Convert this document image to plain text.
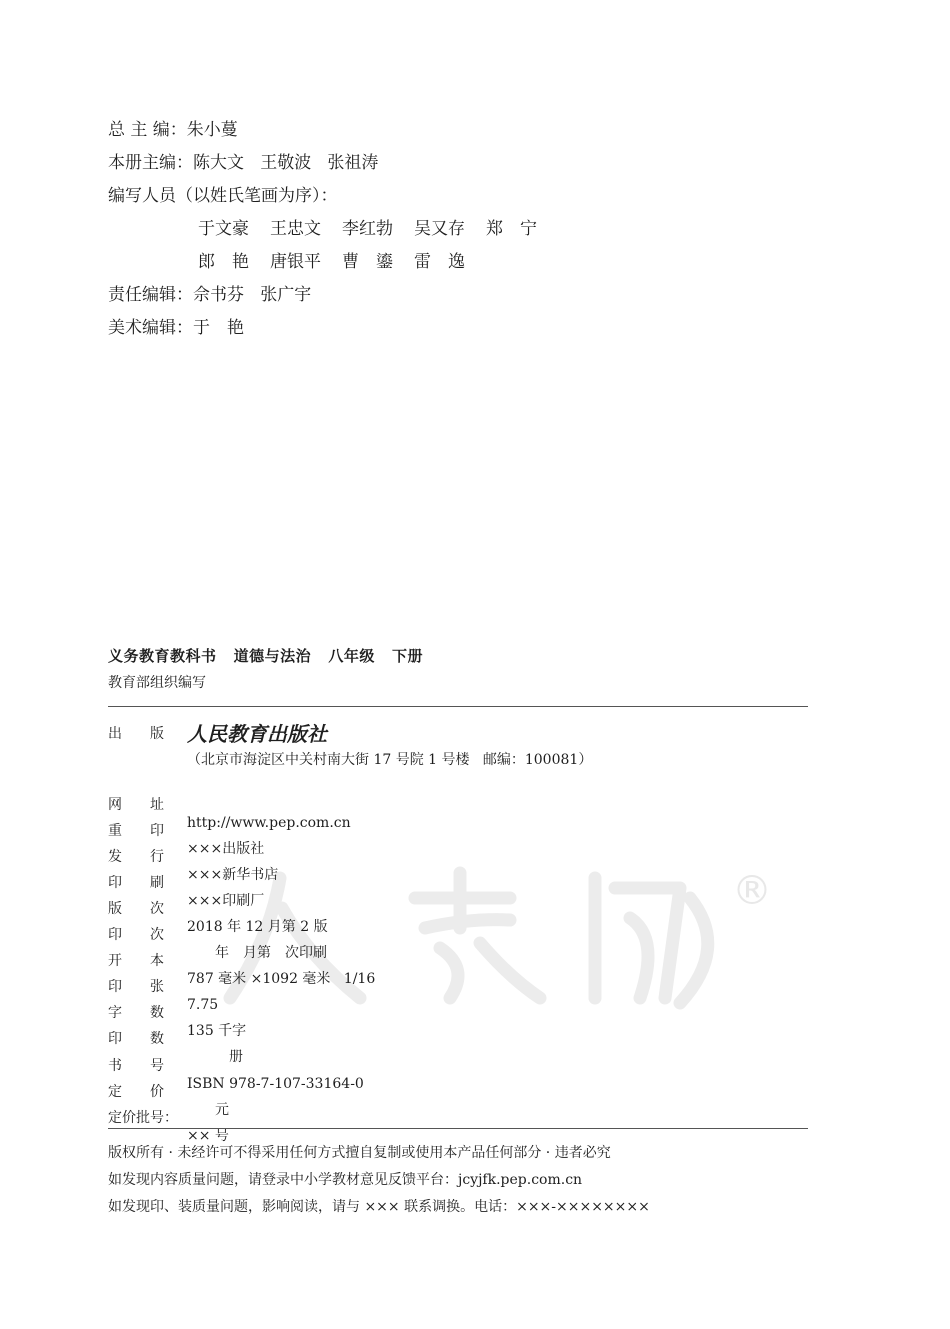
总 主 编：朱小蔓
本册主编：陈大文   王敬波   张祖涛
编写人员（以姓氏笔画为序）：
于文豪 王忠文 李红勃 吴又存 郑　宁
郎　艳 唐银平 曹　鎏 雷　逸
责任编辑：佘书芬   张广宇
美术编辑：于　艳
义务教育教科书   道德与法治   八年级   下册
教育部组织编写
®
出　　版 人民教育出版社
（北京市海淀区中关村南大街 17 号院 1 号楼   邮编：100081）

网　　址

http://www.pep.com.cn

重　　印

×××出版社

发　　行

×××新华书店

印　　刷

×××印刷厂

版　　次

2018 年 12 月第 2 版

印　　次

　　年　月第　次印刷

开　　本

787 毫米 ×1092 毫米   1/16

印　　张

7.75

字　　数

135 千字

印　　数

　　　册

书　　号

ISBN 978-7-107-33164-0

定　　价

　　元

定价批号：

×× 号

版权所有 · 未经许可不得采用任何方式擅自复制或使用本产品任何部分 · 违者必究
如发现内容质量问题，请登录中小学教材意见反馈平台：jcyjfk.pep.com.cn
如发现印、装质量问题，影响阅读，请与 ××× 联系调换。电话：×××-××××××××
